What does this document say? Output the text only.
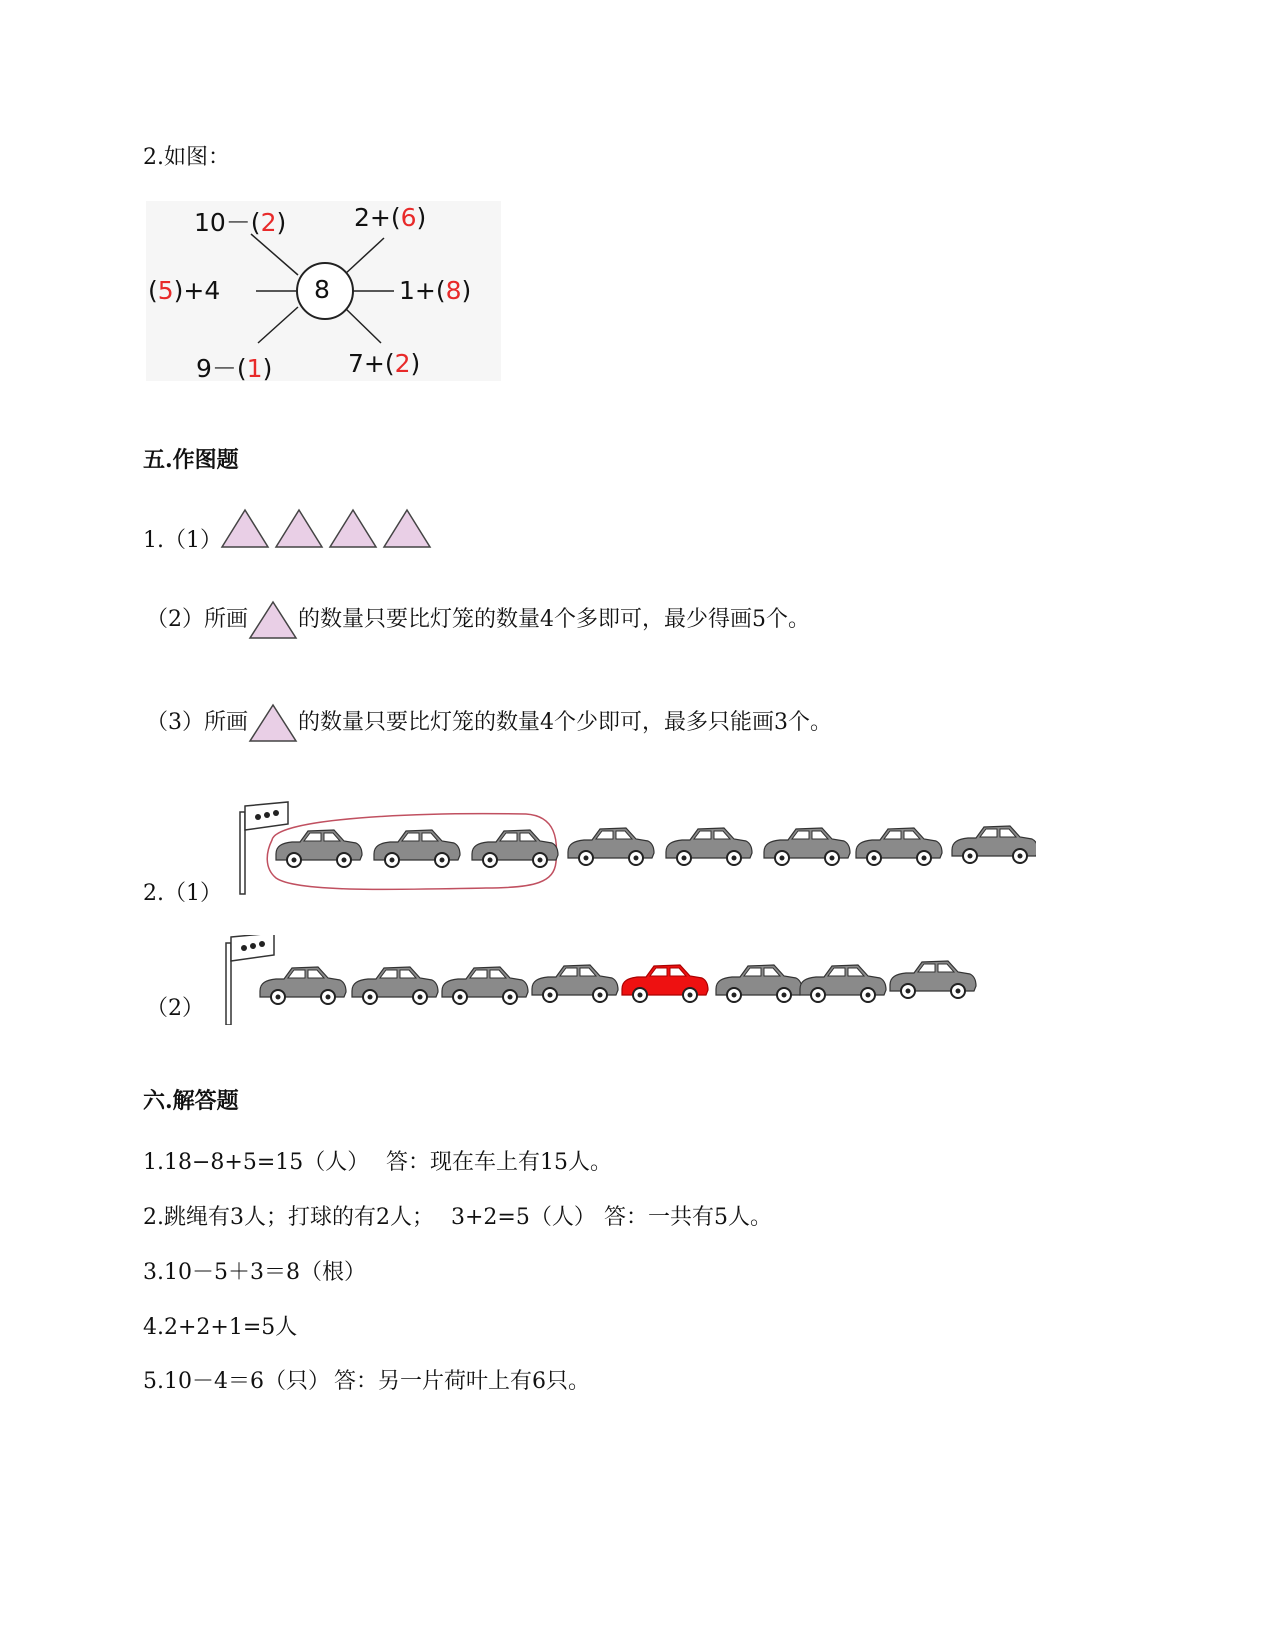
2.如图：
8
10－(2)	2+(6)
(5)+4	1+(8)
9－(1)	7+(2)
五.作图题
1.（1）
（2）所画 的数量只要比灯笼的数量4个多即可，最少得画5个。
（3）所画 的数量只要比灯笼的数量4个少即可，最多只能画3个。
2.（1）
（2）
六.解答题
1.18−8+5=15（人） 答：现在车上有15人。
2.跳绳有3人；打球的有2人； 3+2=5（人） 答：一共有5人。
3.10－5＋3＝8（根）
4.2+2+1=5人
5.10－4＝6（只） 答：另一片荷叶上有6只。
